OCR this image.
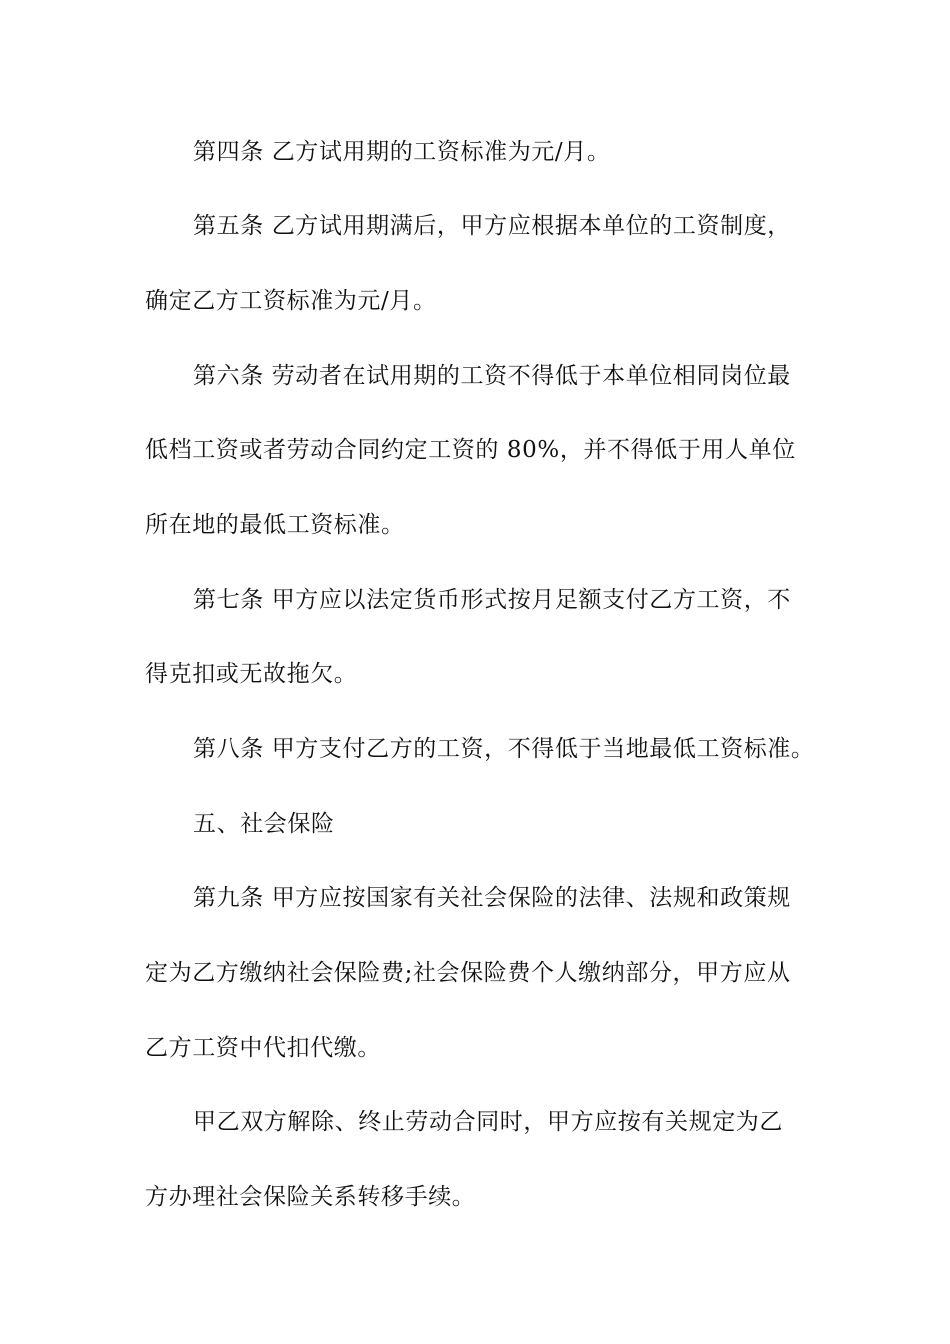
第四条 乙方试用期的工资标准为元/月。
第五条 乙方试用期满后，甲方应根据本单位的工资制度，
确定乙方工资标准为元/月。
第六条 劳动者在试用期的工资不得低于本单位相同岗位最
低档工资或者劳动合同约定工资的 80%，并不得低于用人单位
所在地的最低工资标准。
第七条 甲方应以法定货币形式按月足额支付乙方工资，不
得克扣或无故拖欠。
第八条 甲方支付乙方的工资，不得低于当地最低工资标准。
五、社会保险
第九条 甲方应按国家有关社会保险的法律、法规和政策规
定为乙方缴纳社会保险费;社会保险费个人缴纳部分，甲方应从
乙方工资中代扣代缴。
甲乙双方解除、终止劳动合同时，甲方应按有关规定为乙
方办理社会保险关系转移手续。
